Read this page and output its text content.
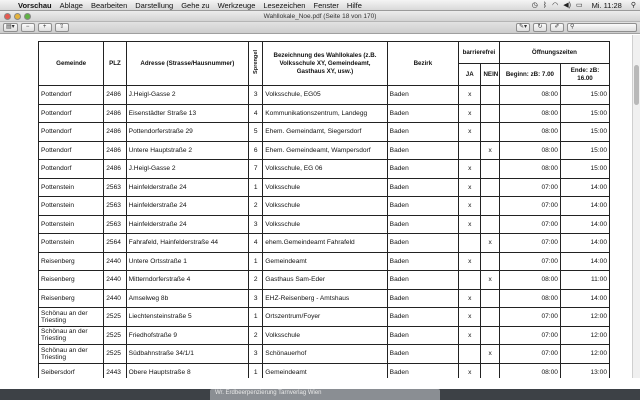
Vorschau	Ablage	Bearbeiten	Darstellung	Gehe zu	Werkzeuge	Lesezeichen	Fenster	Hilfe	◷ ᛒ ◠ ◀) ▭	Mi. 11:28	⚲
Wahllokale_Noe.pdf (Seite 18 von 170)
▤▾	−	+	⇧	✎▾	↻	✐	⚲
Gemeinde	PLZ	Adresse (Strasse/Hausnummer)	Sprengel	Bezeichnung des Wahllokales (z.B. Volksschule XY, Gemeindeamt, Gasthaus XY, usw.)	Bezirk	barrierefrei		Öffnungszeiten	
						JA	NEIN	Beginn: zB: 7.00	Ende: zB: 16.00
Pottendorf	2486	J.Heigl-Gasse 2	3	Volksschule, EG05	Baden	x		08:00	15:00
Pottendorf	2486	Eisenstädter Straße 13	4	Kommunikationszentrum, Landegg	Baden	x		08:00	15:00
Pottendorf	2486	Pottendorferstraße 29	5	Ehem. Gemeindamt, Siegersdorf	Baden	x		08:00	15:00
Pottendorf	2486	Untere Hauptstraße 2	6	Ehem. Gemeindeamt, Wampersdorf	Baden		x	08:00	15:00
Pottendorf	2486	J.Heigl-Gasse 2	7	Volksschule, EG 06	Baden	x		08:00	15:00
Pottenstein	2563	Hainfelderstraße 24	1	Volksschule	Baden	x		07:00	14:00
Pottenstein	2563	Hainfelderstraße 24	2	Volksschule	Baden	x		07:00	14:00
Pottenstein	2563	Hainfelderstraße 24	3	Volksschule	Baden	x		07:00	14:00
Pottenstein	2564	Fahrafeld, Hainfelderstraße 44	4	ehem.Gemeindeamt Fahrafeld	Baden		x	07:00	14:00
Reisenberg	2440	Untere Ortsstraße 1	1	Gemeindeamt	Baden	x		07:00	14:00
Reisenberg	2440	Mitterndorferstraße 4	2	Gasthaus Sam-Eder	Baden		x	08:00	11:00
Reisenberg	2440	Amselweg 8b	3	EHZ-Reisenberg - Amtshaus	Baden	x		08:00	14:00
Schönau an der Triesting	2525	Liechtensteinstraße 5	1	Ortszentrum/Foyer	Baden	x		07:00	12:00
Schönau an der Triesting	2525	Friedhofstraße 9	2	Volksschule	Baden	x		07:00	12:00
Schönau an der Triesting	2525	Südbahnstraße 34/1/1	3	Schönauerhof	Baden		x	07:00	12:00
Seibersdorf	2443	Obere Hauptstraße 8	1	Gemeindeamt	Baden	x		08:00	13:00
Wr. Erdbeerpenzierung Tarnverlag Wien
